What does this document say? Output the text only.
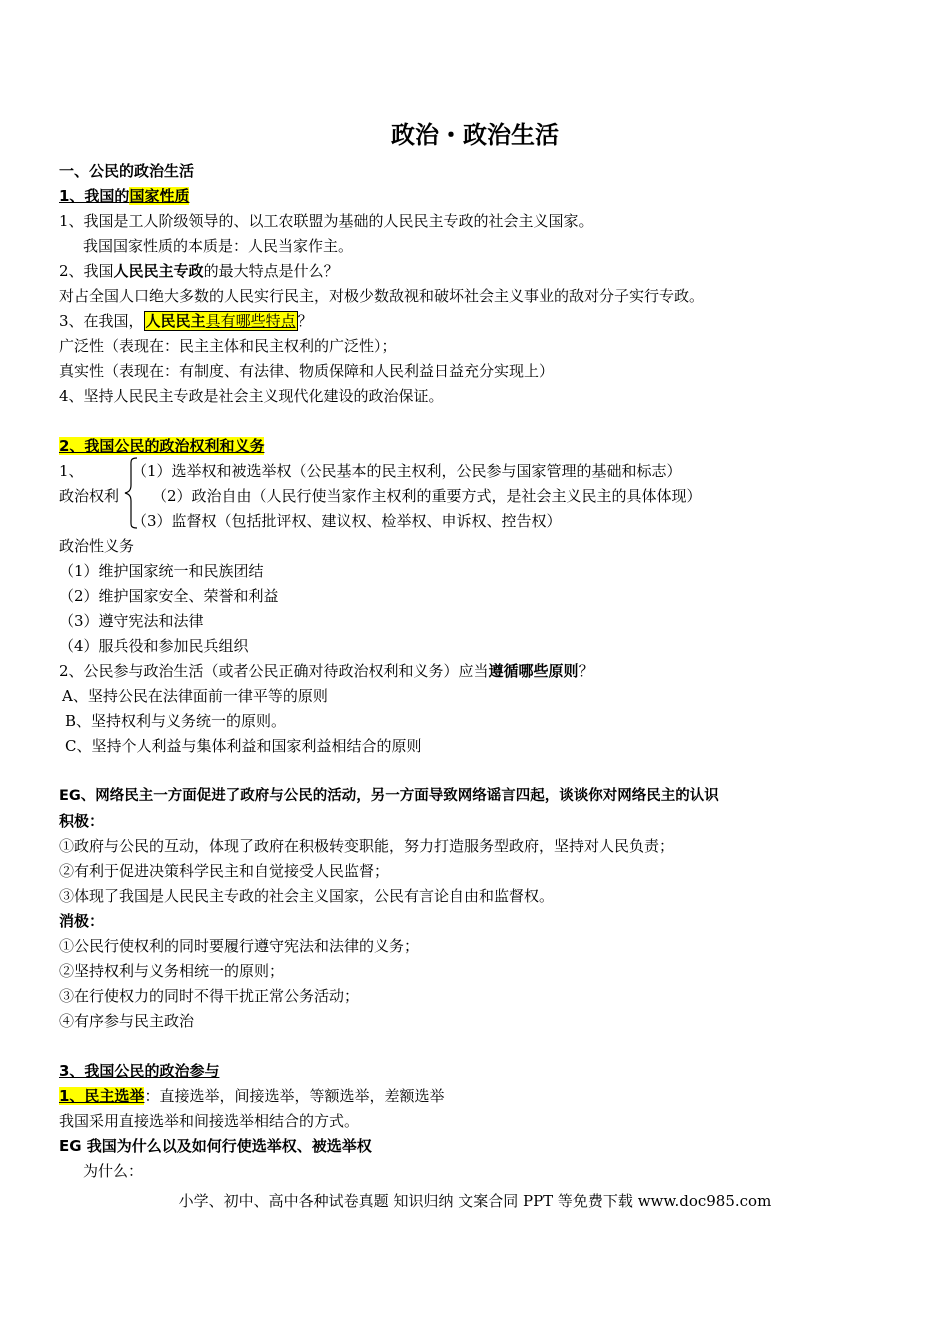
政治・政治生活
一、公民的政治生活
1、我国的国家性质
1、我国是工人阶级领导的、以工农联盟为基础的人民民主专政的社会主义国家。
我国国家性质的本质是：人民当家作主。
2、我国人民民主专政的最大特点是什么？
对占全国人口绝大多数的人民实行民主，对极少数敌视和破坏社会主义事业的敌对分子实行专政。
3、在我国， 人民民主具有哪些特点 ？
广泛性（表现在：民主主体和民主权利的广泛性）；
真实性（表现在：有制度、有法律、物质保障和人民利益日益充分实现上）
4、坚持人民民主专政是社会主义现代化建设的政治保证。
2、我国公民的政治权利和义务
1、
政治权利
（1）选举权和被选举权（公民基本的民主权利，公民参与国家管理的基础和标志）
（2）政治自由（人民行使当家作主权利的重要方式，是社会主义民主的具体体现）
（3）监督权（包括批评权、建议权、检举权、申诉权、控告权）
政治性义务
（1）维护国家统一和民族团结
（2）维护国家安全、荣誉和利益
（3）遵守宪法和法律
（4）服兵役和参加民兵组织
2、公民参与政治生活（或者公民正确对待政治权利和义务）应当遵循哪些原则？
A、坚持公民在法律面前一律平等的原则
B、坚持权利与义务统一的原则。
C、坚持个人利益与集体利益和国家利益相结合的原则
EG、网络民主一方面促进了政府与公民的活动，另一方面导致网络谣言四起，谈谈你对网络民主的认识
积极：
①政府与公民的互动，体现了政府在积极转变职能，努力打造服务型政府，坚持对人民负责；
②有利于促进决策科学民主和自觉接受人民监督；
③体现了我国是人民民主专政的社会主义国家，公民有言论自由和监督权。
消极：
①公民行使权利的同时要履行遵守宪法和法律的义务；
②坚持权利与义务相统一的原则；
③在行使权力的同时不得干扰正常公务活动；
④有序参与民主政治
3、我国公民的政治参与
1、民主选举：直接选举，间接选举，等额选举，差额选举
我国采用直接选举和间接选举相结合的方式。
EG 我国为什么以及如何行使选举权、被选举权
为什么：
小学、初中、高中各种试卷真题 知识归纳 文案合同 PPT 等免费下载 www.doc985.com
